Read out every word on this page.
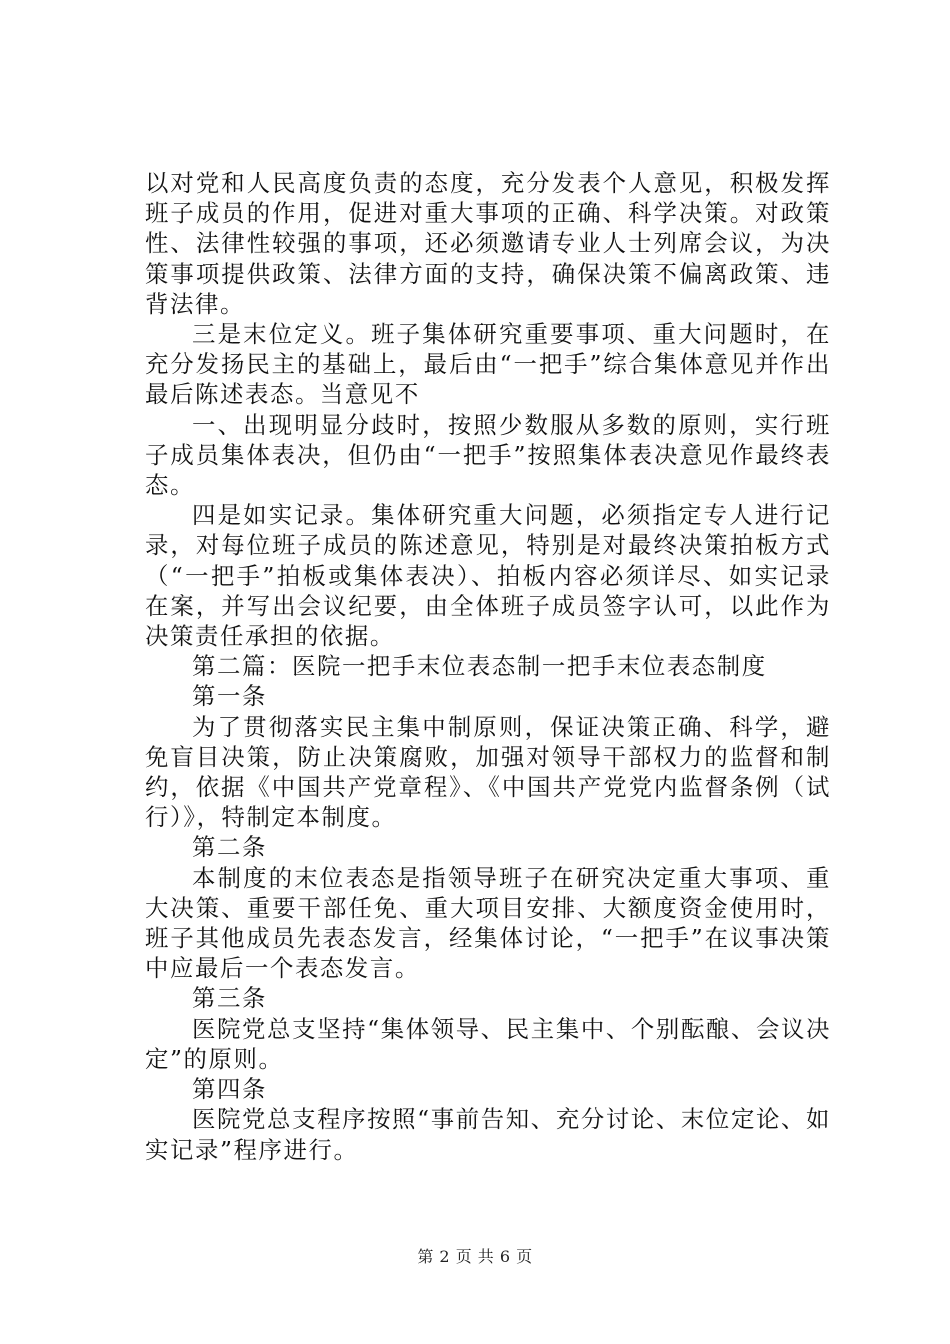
以对党和人民高度负责的态度，充分发表个人意见，积极发挥班子成员的作用，促进对重大事项的正确、科学决策。对政策性、法律性较强的事项，还必须邀请专业人士列席会议，为决策事项提供政策、法律方面的支持，确保决策不偏离政策、违背法律。

三是末位定义。班子集体研究重要事项、重大问题时，在充分发扬民主的基础上，最后由“一把手”综合集体意见并作出最后陈述表态。当意见不

一、出现明显分歧时，按照少数服从多数的原则，实行班子成员集体表决，但仍由“一把手”按照集体表决意见作最终表态。

四是如实记录。集体研究重大问题，必须指定专人进行记录，对每位班子成员的陈述意见，特别是对最终决策拍板方式（“一把手”拍板或集体表决）、拍板内容必须详尽、如实记录在案，并写出会议纪要，由全体班子成员签字认可，以此作为决策责任承担的依据。

第二篇：医院一把手末位表态制一把手末位表态制度

第一条

为了贯彻落实民主集中制原则，保证决策正确、科学，避免盲目决策，防止决策腐败，加强对领导干部权力的监督和制约，依据《中国共产党章程》、《中国共产党党内监督条例（试行）》，特制定本制度。

第二条

本制度的末位表态是指领导班子在研究决定重大事项、重大决策、重要干部任免、重大项目安排、大额度资金使用时，班子其他成员先表态发言，经集体讨论，“一把手”在议事决策中应最后一个表态发言。

第三条

医院党总支坚持“集体领导、民主集中、个别酝酿、会议决定”的原则。

第四条

医院党总支程序按照“事前告知、充分讨论、末位定论、如实记录”程序进行。

第 2 页 共 6 页
